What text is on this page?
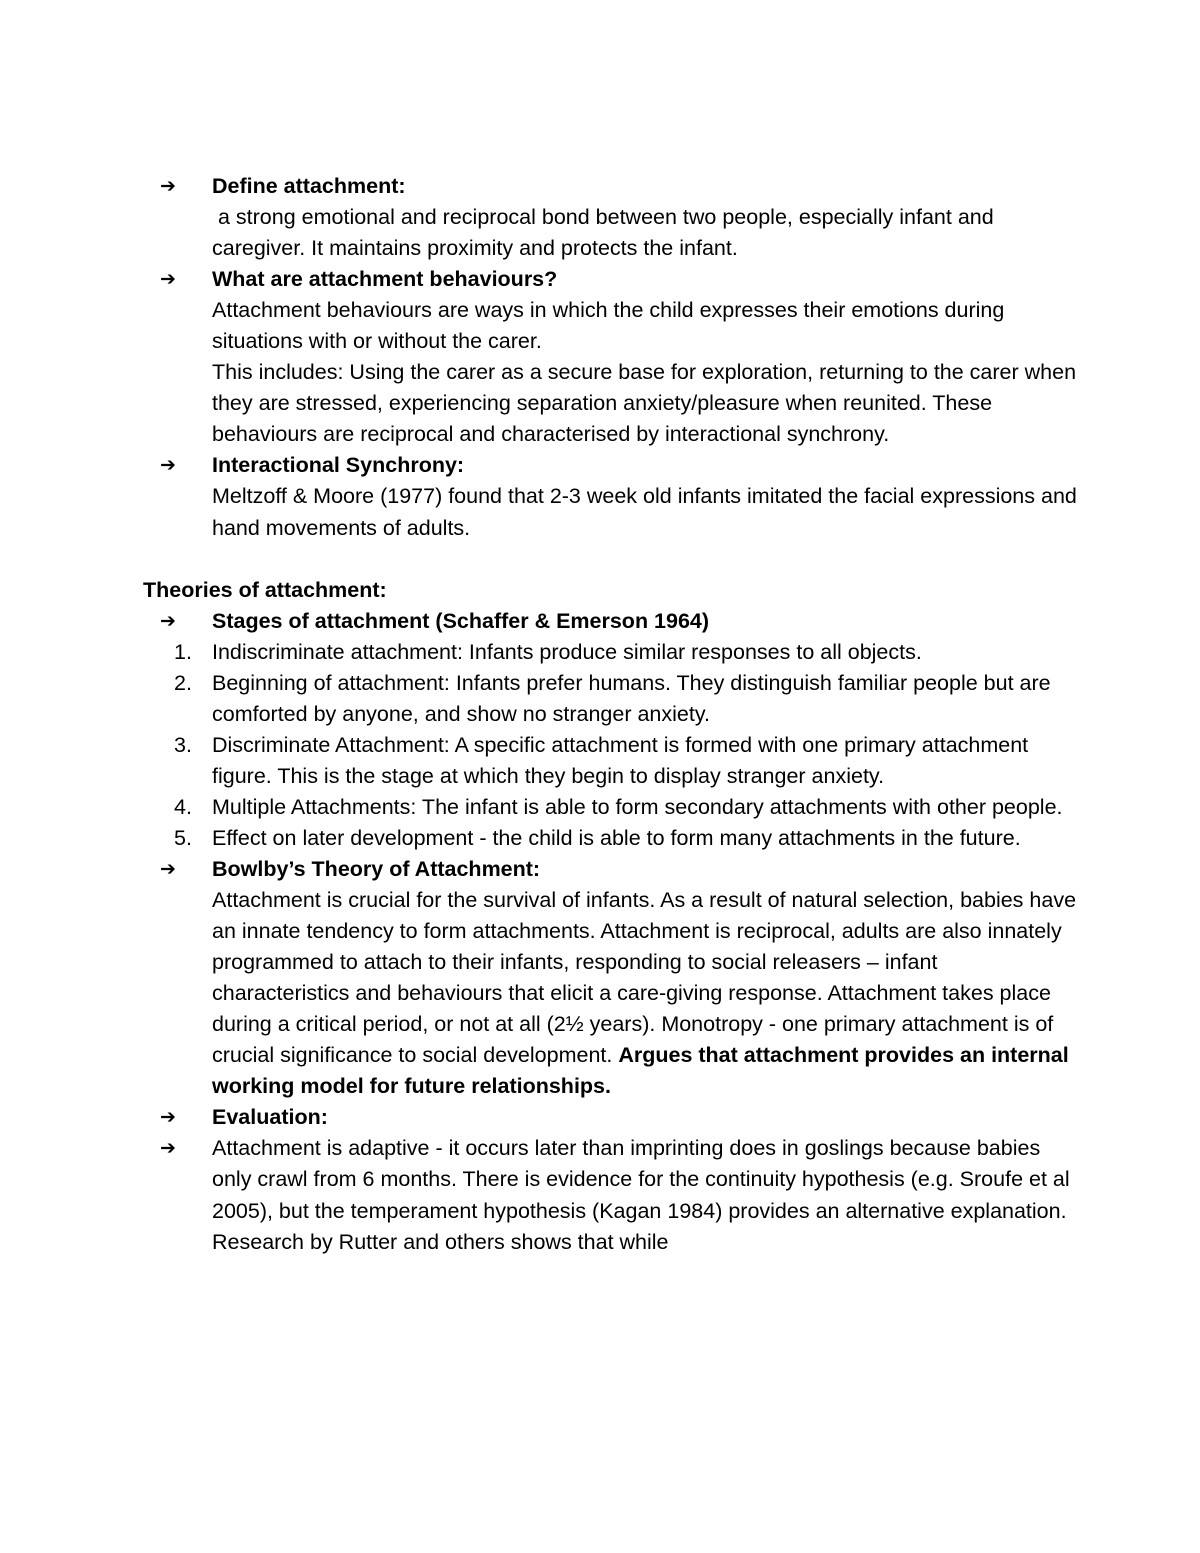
➔	Define attachment:
a strong emotional and reciprocal bond between two people, especially infant and caregiver. It maintains proximity and protects the infant.
➔	What are attachment behaviours?
Attachment behaviours are ways in which the child expresses their emotions during situations with or without the carer.
This includes: Using the carer as a secure base for exploration, returning to the carer when they are stressed, experiencing separation anxiety/pleasure when reunited. These behaviours are reciprocal and characterised by interactional synchrony.
➔	Interactional Synchrony:
Meltzoff & Moore (1977) found that 2-3 week old infants imitated the facial expressions and hand movements of adults.
Theories of attachment:
➔	Stages of attachment (Schaffer & Emerson 1964)
1. Indiscriminate attachment: Infants produce similar responses to all objects.
2. Beginning of attachment: Infants prefer humans. They distinguish familiar people but are comforted by anyone, and show no stranger anxiety.
3. Discriminate Attachment: A specific attachment is formed with one primary attachment figure. This is the stage at which they begin to display stranger anxiety.
4. Multiple Attachments: The infant is able to form secondary attachments with other people.
5. Effect on later development - the child is able to form many attachments in the future.
➔	Bowlby’s Theory of Attachment:
Attachment is crucial for the survival of infants. As a result of natural selection, babies have an innate tendency to form attachments. Attachment is reciprocal, adults are also innately programmed to attach to their infants, responding to social releasers – infant characteristics and behaviours that elicit a care-giving response. Attachment takes place during a critical period, or not at all (2½ years). Monotropy - one primary attachment is of crucial significance to social development. Argues that attachment provides an internal working model for future relationships.
➔	Evaluation:
➔	Attachment is adaptive - it occurs later than imprinting does in goslings because babies only crawl from 6 months. There is evidence for the continuity hypothesis (e.g. Sroufe et al 2005), but the temperament hypothesis (Kagan 1984) provides an alternative explanation. Research by Rutter and others shows that while
